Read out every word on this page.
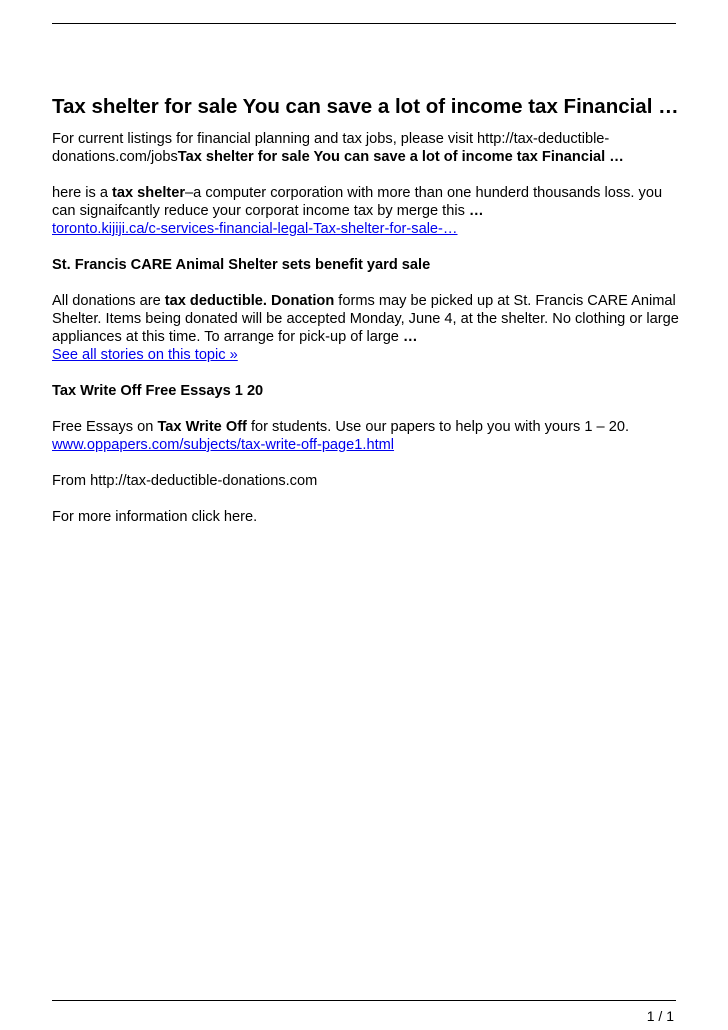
Tax shelter for sale You can save a lot of income tax Financial …

For current listings for financial planning and tax jobs, please visit http://tax-deductible-donations.com/jobsTax shelter for sale You can save a lot of income tax Financial …

here is a tax shelter–a computer corporation with more than one hunderd thousands loss. you can signaifcantly reduce your corporat income tax by merge this …
toronto.kijiji.ca/c-services-financial-legal-Tax-shelter-for-sale-…

St. Francis CARE Animal Shelter sets benefit yard sale

All donations are tax deductible. Donation forms may be picked up at St. Francis CARE Animal Shelter. Items being donated will be accepted Monday, June 4, at the shelter. No clothing or large appliances at this time. To arrange for pick-up of large …
See all stories on this topic »

Tax Write Off Free Essays 1 20

Free Essays on Tax Write Off for students. Use our papers to help you with yours 1 – 20.
www.oppapers.com/subjects/tax-write-off-page1.html

From http://tax-deductible-donations.com

For more information click here.

1 / 1
